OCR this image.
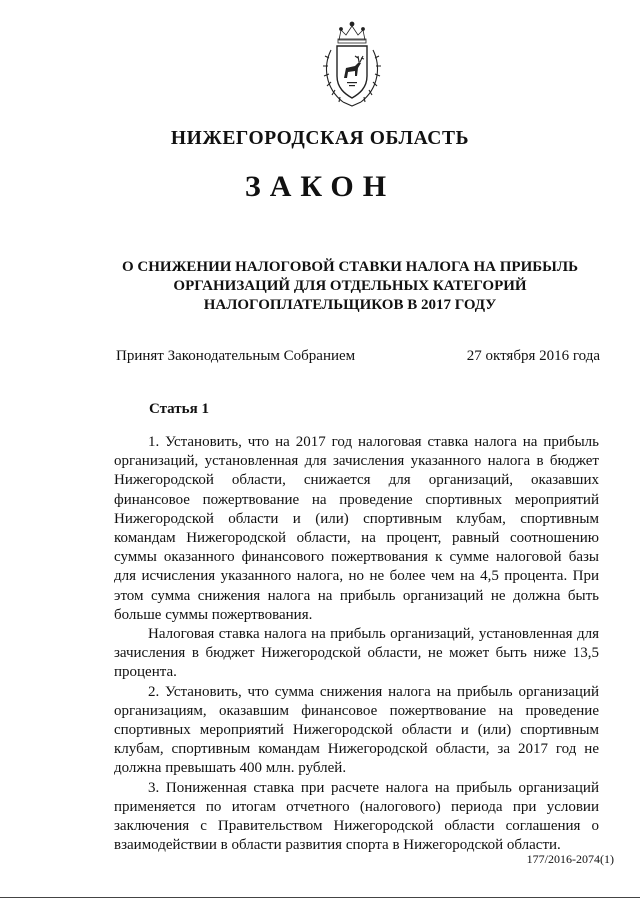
НИЖЕГОРОДСКАЯ ОБЛАСТЬ
ЗАКОН
О СНИЖЕНИИ НАЛОГОВОЙ СТАВКИ НАЛОГА НА ПРИБЫЛЬ
ОРГАНИЗАЦИЙ ДЛЯ ОТДЕЛЬНЫХ КАТЕГОРИЙ
НАЛОГОПЛАТЕЛЬЩИКОВ В 2017 ГОДУ
Принят Законодательным Собранием	27 октября 2016 года
Статья 1

1. Установить, что на 2017 год налоговая ставка налога на прибыль организаций, установленная для зачисления указанного налога в бюджет Нижегородской области, снижается для организаций, оказавших финансовое пожертвование на проведение спортивных мероприятий Нижегородской области и (или) спортивным клубам, спортивным командам Нижегородской области, на процент, равный соотношению суммы оказанного финансового пожертвования к сумме налоговой базы для исчисления указанного налога, но не более чем на 4,5 процента. При этом сумма снижения налога на прибыль организаций не должна быть больше суммы пожертвования.

Налоговая ставка налога на прибыль организаций, установленная для зачисления в бюджет Нижегородской области, не может быть ниже 13,5 процента.

2. Установить, что сумма снижения налога на прибыль организаций организациям, оказавшим финансовое пожертвование на проведение спортивных мероприятий Нижегородской области и (или) спортивным клубам, спортивным командам Нижегородской области, за 2017 год не должна превышать 400 млн. рублей.

3. Пониженная ставка при расчете налога на прибыль организаций применяется по итогам отчетного (налогового) периода при условии заключения с Правительством Нижегородской области соглашения о взаимодействии в области развития спорта в Нижегородской области.

177/2016-2074(1)
